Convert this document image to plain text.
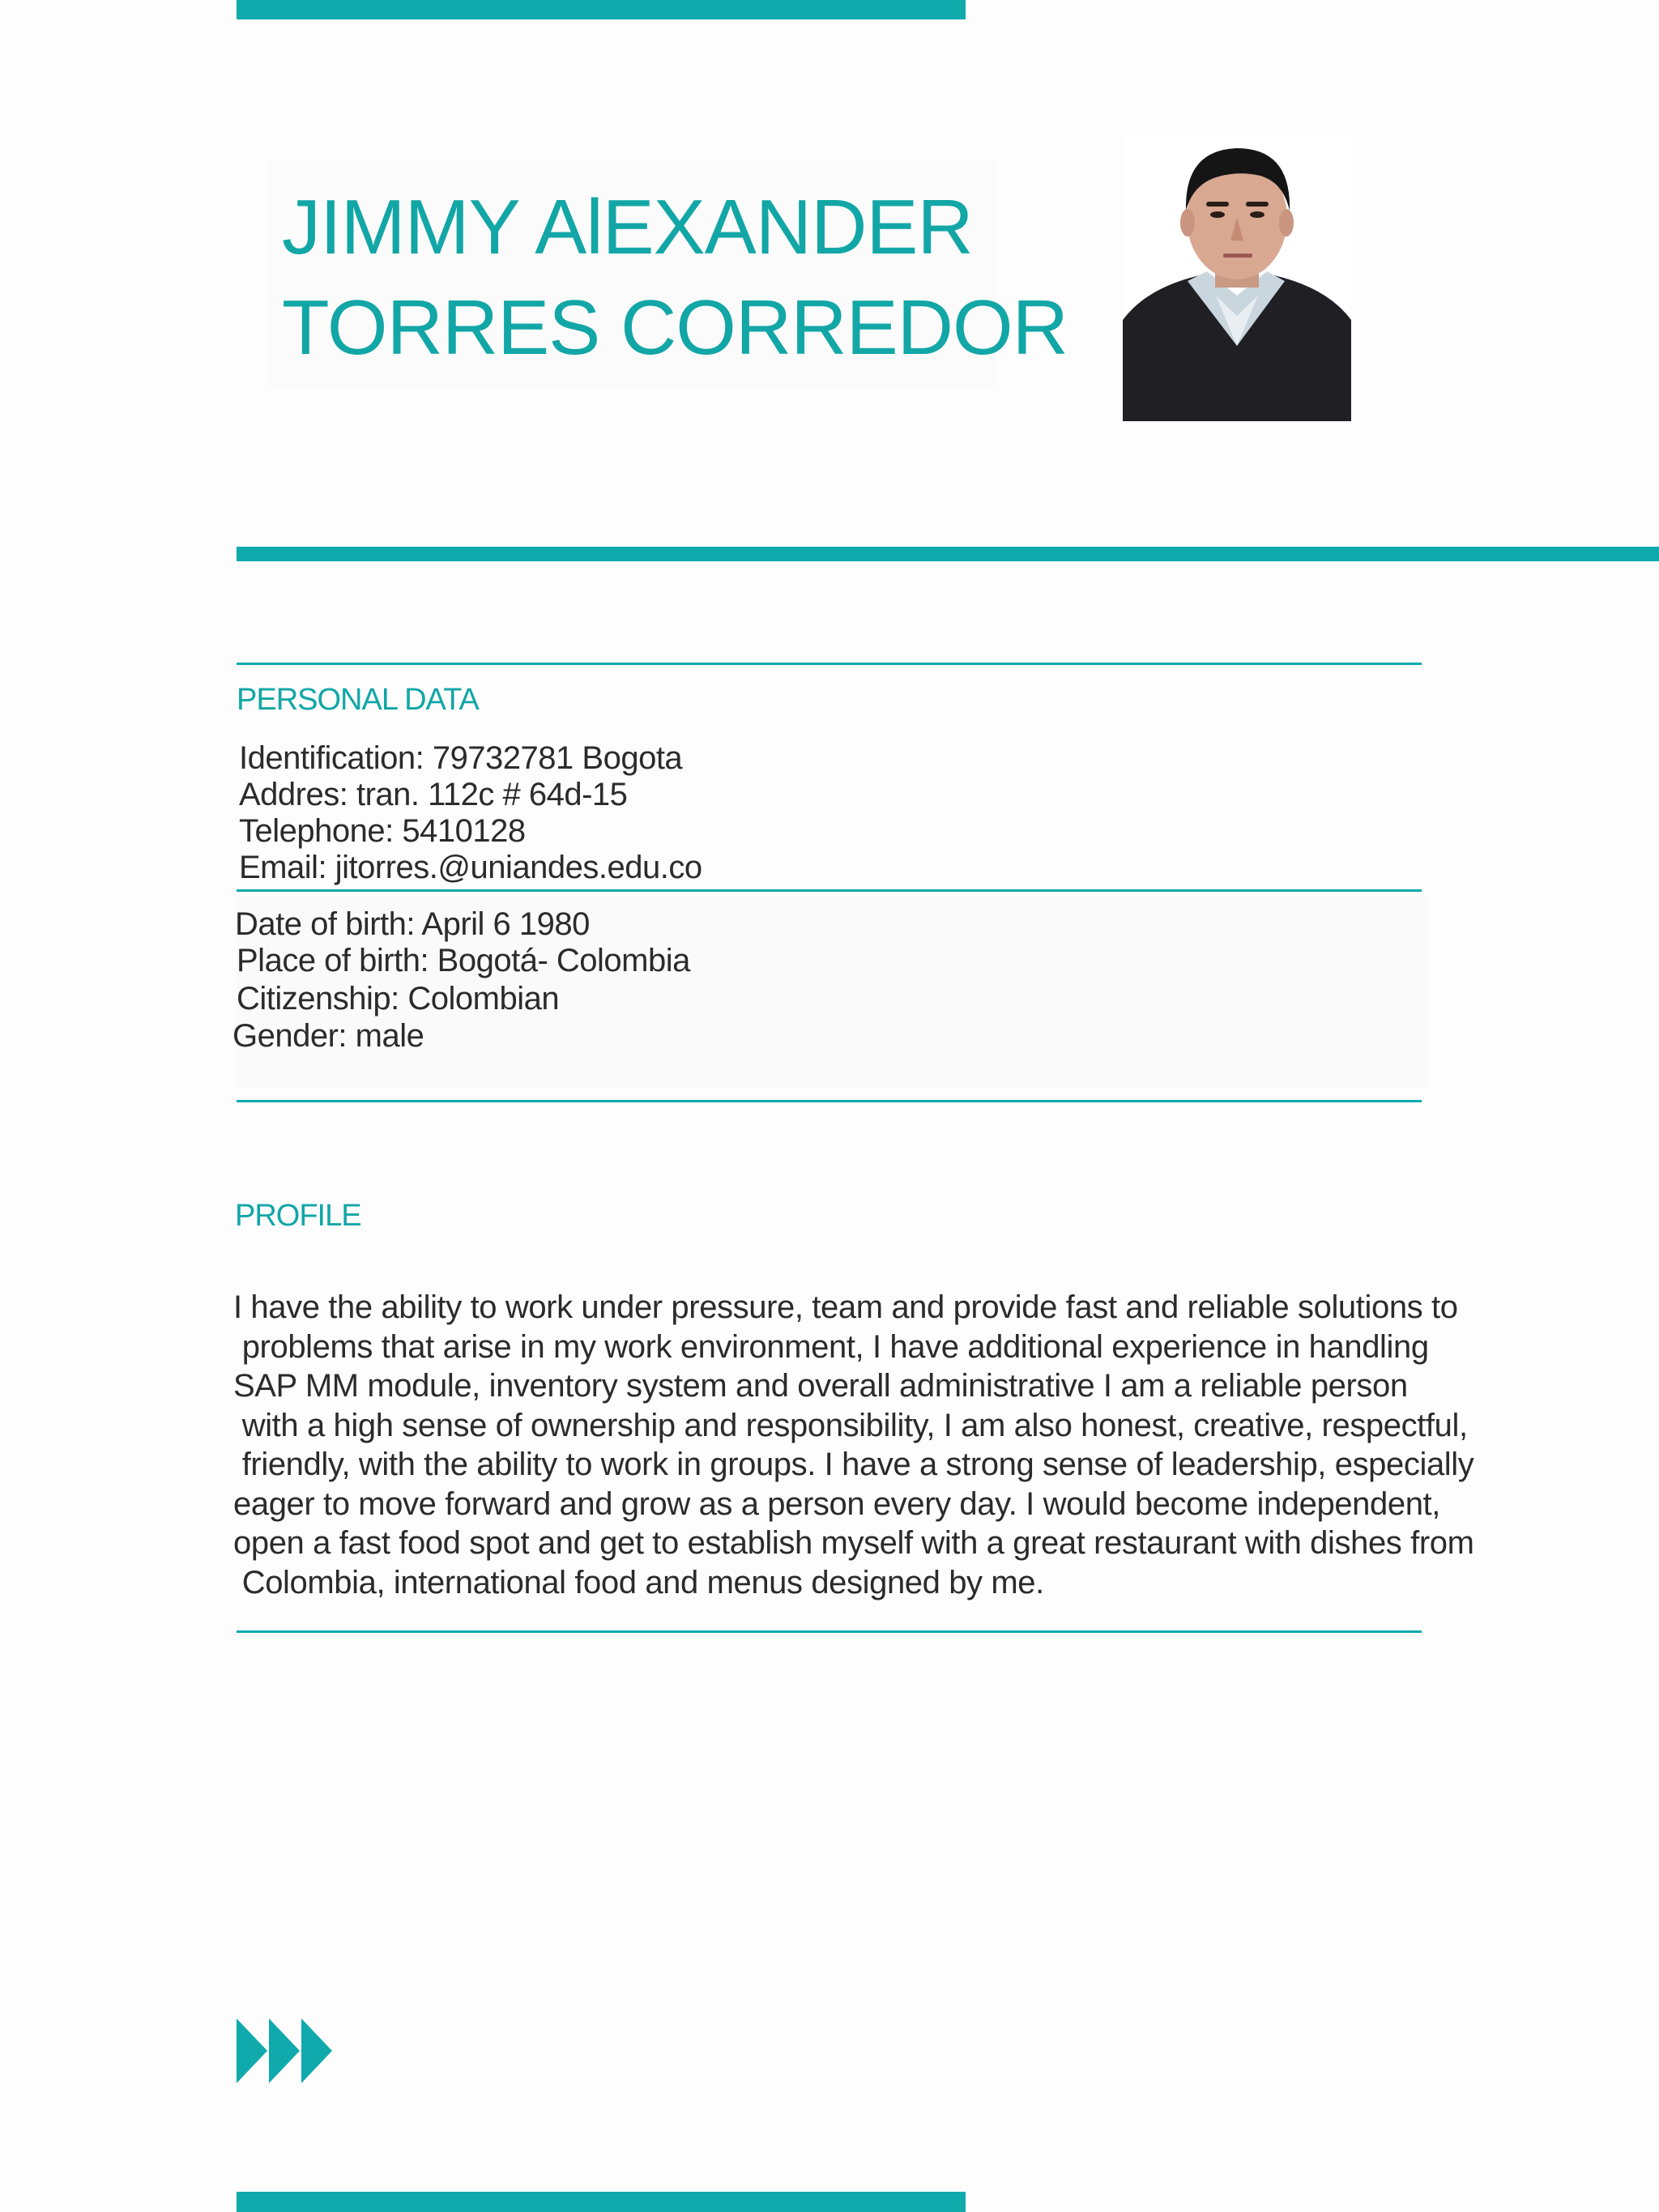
JIMMY AlEXANDER
TORRES CORREDOR
PERSONAL DATA
Identification: 79732781 Bogota
Addres: tran. 112c # 64d-15
Telephone: 5410128
Email: jitorres.@uniandes.edu.co
Date of birth: April 6 1980
Place of birth: Bogotá- Colombia
Citizenship: Colombian
Gender: male
PROFILE
I have the ability to work under pressure, team and provide fast and reliable solutions to
problems that arise in my work environment, I have additional experience in handling
SAP MM module, inventory system and overall administrative I am a reliable person
with a high sense of ownership and responsibility, I am also honest, creative, respectful,
friendly, with the ability to work in groups. I have a strong sense of leadership, especially
eager to move forward and grow as a person every day. I would become independent,
open a fast food spot and get to establish myself with a great restaurant with dishes from
Colombia, international food and menus designed by me.
